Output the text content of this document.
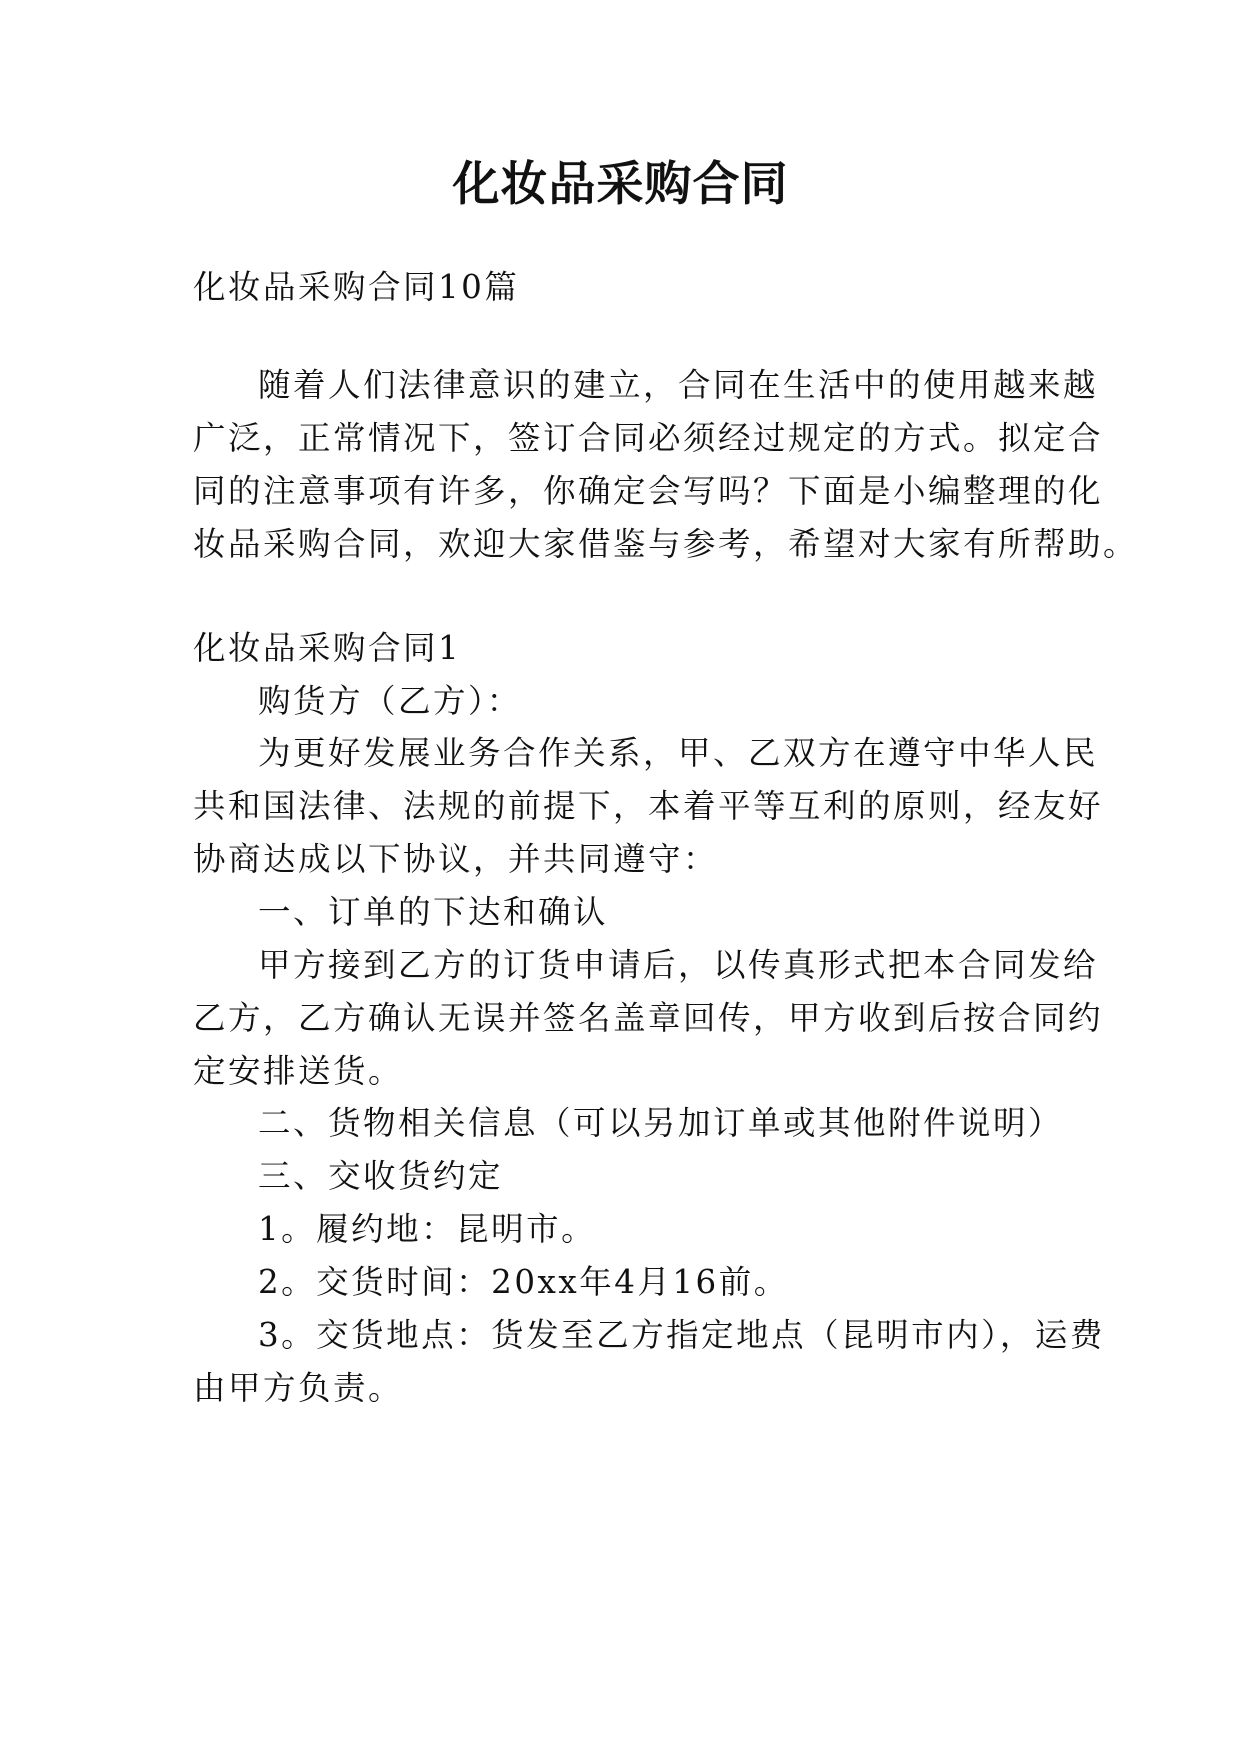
化妆品采购合同
化妆品采购合同10篇
随着人们法律意识的建立，合同在生活中的使用越来越
广泛，正常情况下，签订合同必须经过规定的方式。拟定合
同的注意事项有许多，你确定会写吗？下面是小编整理的化
妆品采购合同，欢迎大家借鉴与参考，希望对大家有所帮助。
化妆品采购合同1
购货方（乙方）：
为更好发展业务合作关系，甲、乙双方在遵守中华人民
共和国法律、法规的前提下，本着平等互利的原则，经友好
协商达成以下协议，并共同遵守：
一、订单的下达和确认
甲方接到乙方的订货申请后，以传真形式把本合同发给
乙方，乙方确认无误并签名盖章回传，甲方收到后按合同约
定安排送货。
二、货物相关信息（可以另加订单或其他附件说明）
三、交收货约定
1。履约地：昆明市。
2。交货时间：20xx年4月16前。
3。交货地点：货发至乙方指定地点（昆明市内），运费
由甲方负责。
